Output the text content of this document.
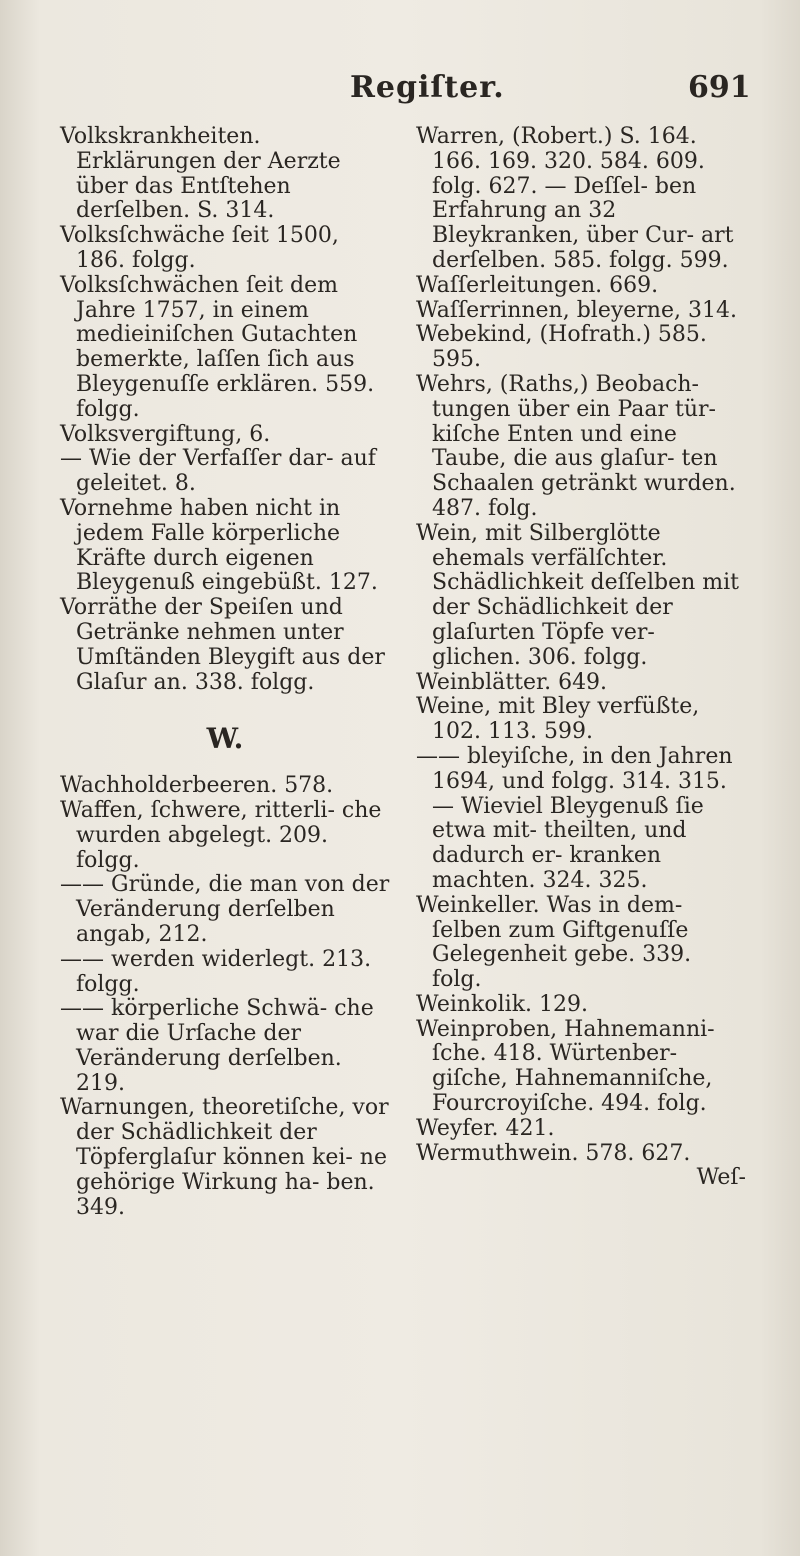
Regiſter.	691

Volkskrankheiten. Erklärungen der Aerzte über das Entſtehen derſelben. S. 314.

Volksſchwäche ſeit 1500, 186. folgg.

Volksſchwächen ſeit dem Jahre 1757, in einem medieiniſchen Gutachten bemerkte, laſſen ſich aus Bleygenuſſe erklären. 559. folgg.

Volksvergiftung, 6.

— Wie der Verfaſſer dar- auf geleitet. 8.

Vornehme haben nicht in jedem Falle körperliche Kräfte durch eigenen Bleygenuß eingebüßt. 127.

Vorräthe der Speiſen und Getränke nehmen unter Umſtänden Bleygift aus der Glaſur an. 338. folgg.

W.

Wachholderbeeren. 578.

Waffen, ſchwere, ritterli- che wurden abgelegt. 209. folgg.

—— Gründe, die man von der Veränderung derſelben angab, 212.

—— werden widerlegt. 213. folgg.

—— körperliche Schwä- che war die Urſache der Veränderung derſelben. 219.

Warnungen, theoretiſche, vor der Schädlichkeit der Töpferglaſur können kei- ne gehörige Wirkung ha- ben. 349.

Warren, (Robert.) S. 164. 166. 169. 320. 584. 609. folg. 627. — Deſſel- ben Erfahrung an 32 Bleykranken, über Cur- art derſelben. 585. folgg. 599.

Waſſerleitungen. 669.

Waſſerrinnen, bleyerne, 314.

Webekind, (Hofrath.) 585. 595.

Wehrs, (Raths,) Beobach- tungen über ein Paar tür- kiſche Enten und eine Taube, die aus glaſur- ten Schaalen getränkt wurden. 487. folg.

Wein, mit Silberglötte ehemals verfälſchter. Schädlichkeit deſſelben mit der Schädlichkeit der glaſurten Töpfe ver- glichen. 306. folgg.

Weinblätter. 649.

Weine, mit Bley verfüßte, 102. 113. 599.

—— bleyiſche, in den Jahren 1694, und folgg. 314. 315. — Wieviel Bleygenuß ſie etwa mit- theilten, und dadurch er- kranken machten. 324. 325.

Weinkeller. Was in dem- ſelben zum Giftgenuſſe Gelegenheit gebe. 339. folg.

Weinkolik. 129.

Weinproben, Hahnemanni- ſche. 418. Würtenber- giſche, Hahnemanniſche, Fourcroyiſche. 494. folg.

Weyfer. 421.

Wermuthwein. 578. 627.

Weſ-
